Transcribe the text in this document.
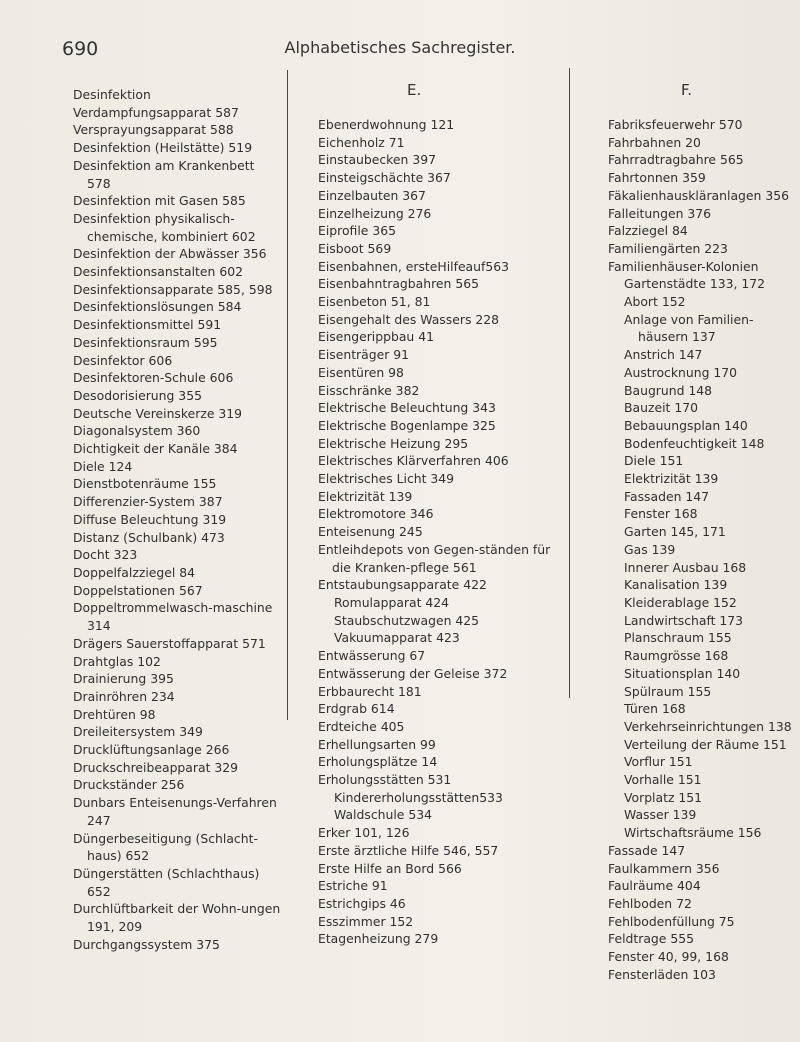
690	Alphabetisches Sachregister.
E.	F.
Desinfektion
Verdampfungsapparat 587
Versprayungsapparat 588
Desinfektion (Heilstätte) 519
Desinfektion am Krankenbett 578
Desinfektion mit Gasen 585
Desinfektion physikalisch-chemische, kombiniert 602
Desinfektion der Abwässer 356
Desinfektionsanstalten 602
Desinfektionsapparate 585, 598
Desinfektionslösungen 584
Desinfektionsmittel 591
Desinfektionsraum 595
Desinfektor 606
Desinfektoren-Schule 606
Desodorisierung 355
Deutsche Vereinskerze 319
Diagonalsystem 360
Dichtigkeit der Kanäle 384
Diele 124
Dienstbotenräume 155
Differenzier-System 387
Diffuse Beleuchtung 319
Distanz (Schulbank) 473
Docht 323
Doppelfalzziegel 84
Doppelstationen 567
Doppeltrommelwasch-maschine 314
Drägers Sauerstoffapparat 571
Drahtglas 102
Drainierung 395
Drainröhren 234
Drehtüren 98
Dreileitersystem 349
Drucklüftungsanlage 266
Druckschreibeapparat 329
Druckständer 256
Dunbars Enteisenungs-Verfahren 247
Düngerbeseitigung (Schlacht-haus) 652
Düngerstätten (Schlachthaus) 652
Durchlüftbarkeit der Wohn-ungen 191, 209
Durchgangssystem 375
Ebenerdwohnung 121
Eichenholz 71
Einstaubecken 397
Einsteigschächte 367
Einzelbauten 367
Einzelheizung 276
Eiprofile 365
Eisboot 569
Eisenbahnen, ersteHilfeauf563
Eisenbahntragbahren 565
Eisenbeton 51, 81
Eisengehalt des Wassers 228
Eisengerippbau 41
Eisenträger 91
Eisentüren 98
Eisschränke 382
Elektrische Beleuchtung 343
Elektrische Bogenlampe 325
Elektrische Heizung 295
Elektrisches Klärverfahren 406
Elektrisches Licht 349
Elektrizität 139
Elektromotore 346
Enteisenung 245
Entleihdepots von Gegen-ständen für die Kranken-pflege 561
Entstaubungsapparate 422
Romulapparat 424
Staubschutzwagen 425
Vakuumapparat 423
Entwässerung 67
Entwässerung der Geleise 372
Erbbaurecht 181
Erdgrab 614
Erdteiche 405
Erhellungsarten 99
Erholungsplätze 14
Erholungsstätten 531
Kindererholungsstätten533
Waldschule 534
Erker 101, 126
Erste ärztliche Hilfe 546, 557
Erste Hilfe an Bord 566
Estriche 91
Estrichgips 46
Esszimmer 152
Etagenheizung 279
Fabriksfeuerwehr 570
Fahrbahnen 20
Fahrradtragbahre 565
Fahrtonnen 359
Fäkalienhauskläranlagen 356
Falleitungen 376
Falzziegel 84
Familiengärten 223
Familienhäuser-Kolonien
Gartenstädte 133, 172
Abort 152
Anlage von Familien-häusern 137
Anstrich 147
Austrocknung 170
Baugrund 148
Bauzeit 170
Bebauungsplan 140
Bodenfeuchtigkeit 148
Diele 151
Elektrizität 139
Fassaden 147
Fenster 168
Garten 145, 171
Gas 139
Innerer Ausbau 168
Kanalisation 139
Kleiderablage 152
Landwirtschaft 173
Planschraum 155
Raumgrösse 168
Situationsplan 140
Spülraum 155
Türen 168
Verkehrseinrichtungen 138
Verteilung der Räume 151
Vorflur 151
Vorhalle 151
Vorplatz 151
Wasser 139
Wirtschaftsräume 156
Fassade 147
Faulkammern 356
Faulräume 404
Fehlboden 72
Fehlbodenfüllung 75
Feldtrage 555
Fenster 40, 99, 168
Fensterläden 103
